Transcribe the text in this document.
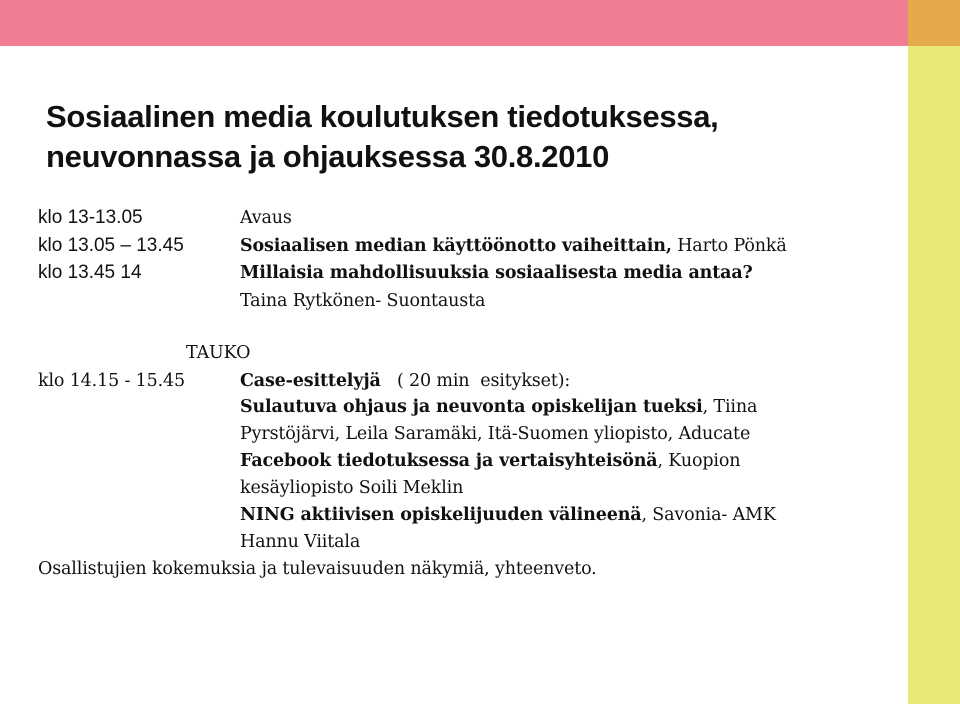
Sosiaalinen media koulutuksen tiedotuksessa,
neuvonnassa ja ohjauksessa 30.8.2010
klo 13-13.05	Avaus
klo 13.05 – 13.45	Sosiaalisen median käyttöönotto vaiheittain, Harto Pönkä
klo 13.45 14	Millaisia mahdollisuuksia sosiaalisesta media antaa?
Taina Rytkönen- Suontausta
TAUKO
klo 14.15 - 15.45	Case-esittelyjä   ( 20 min  esitykset):
Sulautuva ohjaus ja neuvonta opiskelijan tueksi, Tiina
Pyrstöjärvi, Leila Saramäki, Itä-Suomen yliopisto, Aducate
Facebook tiedotuksessa ja vertaisyhteisönä, Kuopion
kesäyliopisto Soili Meklin
NING aktiivisen opiskelijuuden välineenä, Savonia- AMK
Hannu Viitala
Osallistujien kokemuksia ja tulevaisuuden näkymiä, yhteenveto.
